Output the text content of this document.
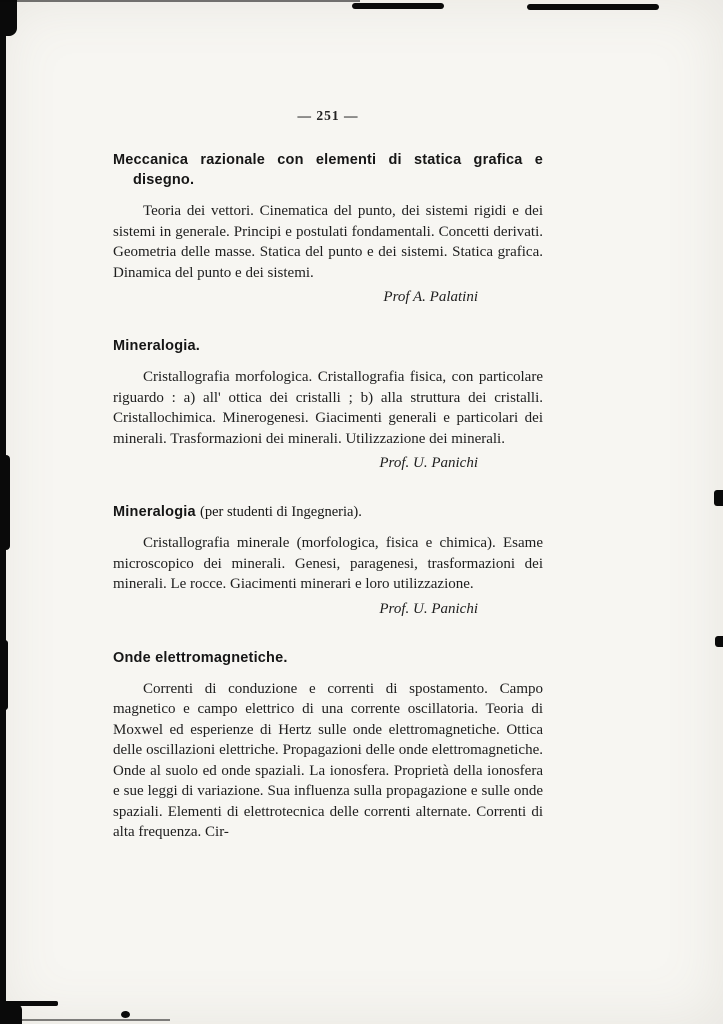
— 251 —
Meccanica razionale con elementi di statica grafica e disegno.

Teoria dei vettori. Cinematica del punto, dei sistemi rigidi e dei sistemi in generale. Principi e postulati fondamentali. Concetti derivati. Geometria delle masse. Statica del punto e dei sistemi. Statica grafica. Dinamica del punto e dei sistemi.

Prof A. Palatini
Mineralogia.

Cristallografia morfologica. Cristallografia fisica, con particolare riguardo : a) all' ottica dei cristalli ; b) alla struttura dei cristalli. Cristallochimica. Minerogenesi. Giacimenti generali e particolari dei minerali. Trasformazioni dei minerali. Utilizzazione dei minerali.

Prof. U. Panichi
Mineralogia (per studenti di Ingegneria).

Cristallografia minerale (morfologica, fisica e chimica). Esame microscopico dei minerali. Genesi, paragenesi, trasformazioni dei minerali. Le rocce. Giacimenti minerari e loro utilizzazione.

Prof. U. Panichi
Onde elettromagnetiche.

Correnti di conduzione e correnti di spostamento. Campo magnetico e campo elettrico di una corrente oscillatoria. Teoria di Moxwel ed esperienze di Hertz sulle onde elettromagnetiche. Ottica delle oscillazioni elettriche. Propagazioni delle onde elettromagnetiche. Onde al suolo ed onde spaziali. La ionosfera. Proprietà della ionosfera e sue leggi di variazione. Sua influenza sulla propagazione e sulle onde spaziali. Elementi di elettrotecnica delle correnti alternate. Correnti di alta frequenza. Cir-
